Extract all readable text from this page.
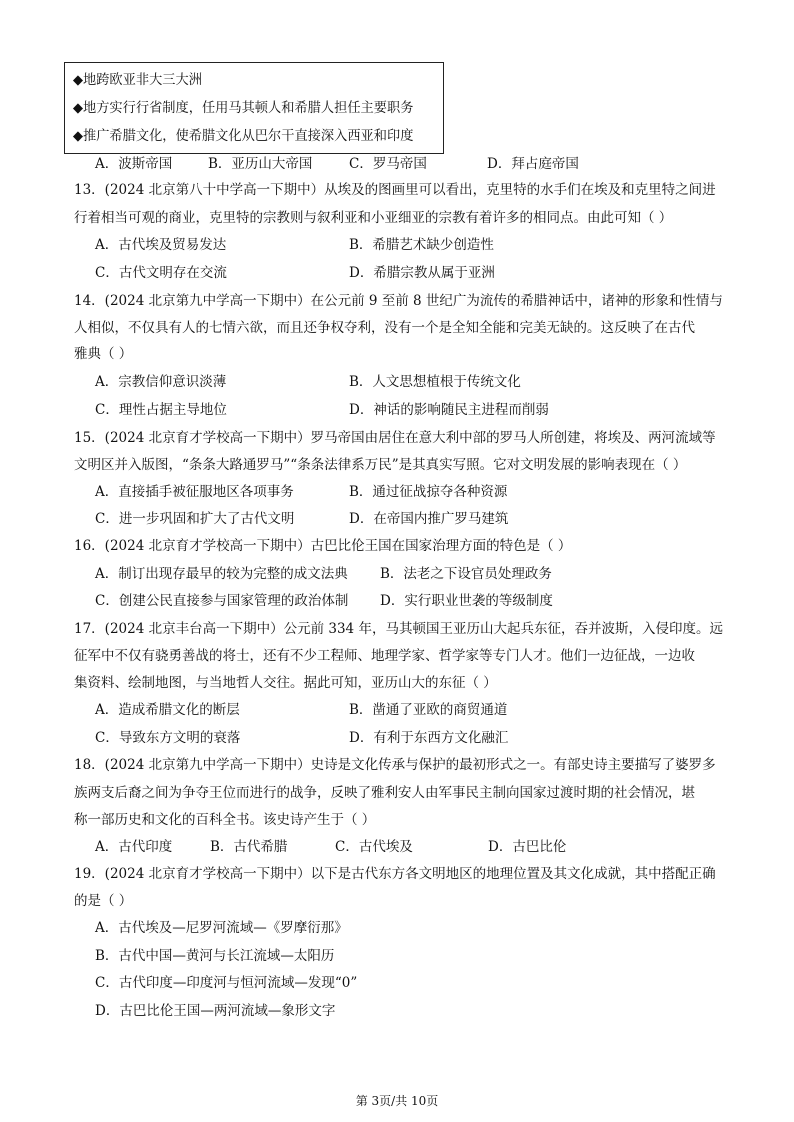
◆地跨欧亚非大三大洲
◆地方实行行省制度，任用马其顿人和希腊人担任主要职务
◆推广希腊文化，使希腊文化从巴尔干直接深入西亚和印度
A．波斯帝国	B．亚历山大帝国	C．罗马帝国	D．拜占庭帝国
13．(2024 北京第八十中学高一下期中）从埃及的图画里可以看出，克里特的水手们在埃及和克里特之间进
行着相当可观的商业，克里特的宗教则与叙利亚和小亚细亚的宗教有着许多的相同点。由此可知（ ）
A．古代埃及贸易发达	B．希腊艺术缺少创造性
C．古代文明存在交流	D．希腊宗教从属于亚洲
14．(2024 北京第九中学高一下期中）在公元前 9 至前 8 世纪广为流传的希腊神话中，诸神的形象和性情与
人相似，不仅具有人的七情六欲，而且还争权夺利，没有一个是全知全能和完美无缺的。这反映了在古代
雅典（ ）
A．宗教信仰意识淡薄	B．人文思想植根于传统文化
C．理性占据主导地位	D．神话的影响随民主进程而削弱
15．(2024 北京育才学校高一下期中）罗马帝国由居住在意大利中部的罗马人所创建，将埃及、两河流域等
文明区并入版图，“条条大路通罗马”“条条法律系万民”是其真实写照。它对文明发展的影响表现在（ ）
A．直接插手被征服地区各项事务	B．通过征战掠夺各种资源
C．进一步巩固和扩大了古代文明	D．在帝国内推广罗马建筑
16．(2024 北京育才学校高一下期中）古巴比伦王国在国家治理方面的特色是（ ）
A．制订出现存最早的较为完整的成文法典 B．法老之下设官员处理政务
C．创建公民直接参与国家管理的政治体制 D．实行职业世袭的等级制度
17．(2024 北京丰台高一下期中）公元前 334 年，马其顿国王亚历山大起兵东征，吞并波斯，入侵印度。远
征军中不仅有骁勇善战的将士，还有不少工程师、地理学家、哲学家等专门人才。他们一边征战，一边收
集资料、绘制地图，与当地哲人交往。据此可知，亚历山大的东征（ ）
A．造成希腊文化的断层	B．凿通了亚欧的商贸通道
C．导致东方文明的衰落	D．有利于东西方文化融汇
18．(2024 北京第九中学高一下期中）史诗是文化传承与保护的最初形式之一。有部史诗主要描写了婆罗多
族两支后裔之间为争夺王位而进行的战争，反映了雅利安人由军事民主制向国家过渡时期的社会情况，堪
称一部历史和文化的百科全书。该史诗产生于（ ）
A．古代印度	B．古代希腊	C．古代埃及	D．古巴比伦
19．(2024 北京育才学校高一下期中）以下是古代东方各文明地区的地理位置及其文化成就，其中搭配正确
的是（ ）
A．古代埃及—尼罗河流域—《罗摩衍那》
B．古代中国—黄河与长江流域—太阳历
C．古代印度—印度河与恒河流域—发现“0”
D．古巴比伦王国—两河流域—象形文字
第 3页/共 10页
